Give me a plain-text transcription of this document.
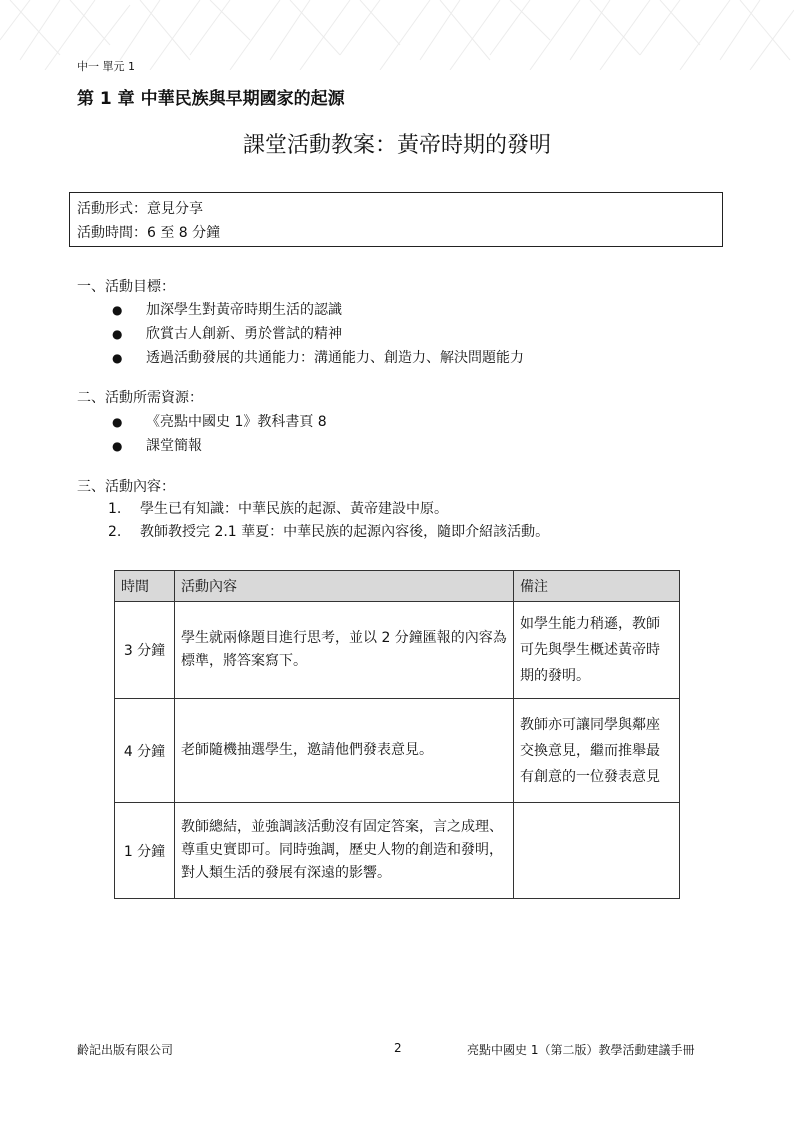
中一 單元 1
第 1 章 中華民族與早期國家的起源
課堂活動教案：黃帝時期的發明
活動形式：意見分享
活動時間：6 至 8 分鐘
一、活動目標：
●	加深學生對黃帝時期生活的認識
●	欣賞古人創新、勇於嘗試的精神
●	透過活動發展的共通能力：溝通能力、創造力、解決問題能力
二、活動所需資源：
●	《亮點中國史 1》教科書頁 8
●	課堂簡報
三、活動內容：
1.	學生已有知識：中華民族的起源、黃帝建設中原。
2.	教師教授完 2.1 華夏：中華民族的起源內容後，隨即介紹該活動。
時間	活動內容	備注
3 分鐘	學生就兩條題目進行思考，並以 2 分鐘匯報的內容為標準，將答案寫下。	如學生能力稍遜，教師可先與學生概述黃帝時期的發明。
4 分鐘	老師隨機抽選學生，邀請他們發表意見。	教師亦可讓同學與鄰座交換意見，繼而推舉最有創意的一位發表意見
1 分鐘	教師總結，並強調該活動沒有固定答案，言之成理、尊重史實即可。同時強調，歷史人物的創造和發明，對人類生活的發展有深遠的影響。	
齡記出版有限公司	2	亮點中國史 1（第二版）教學活動建議手冊
